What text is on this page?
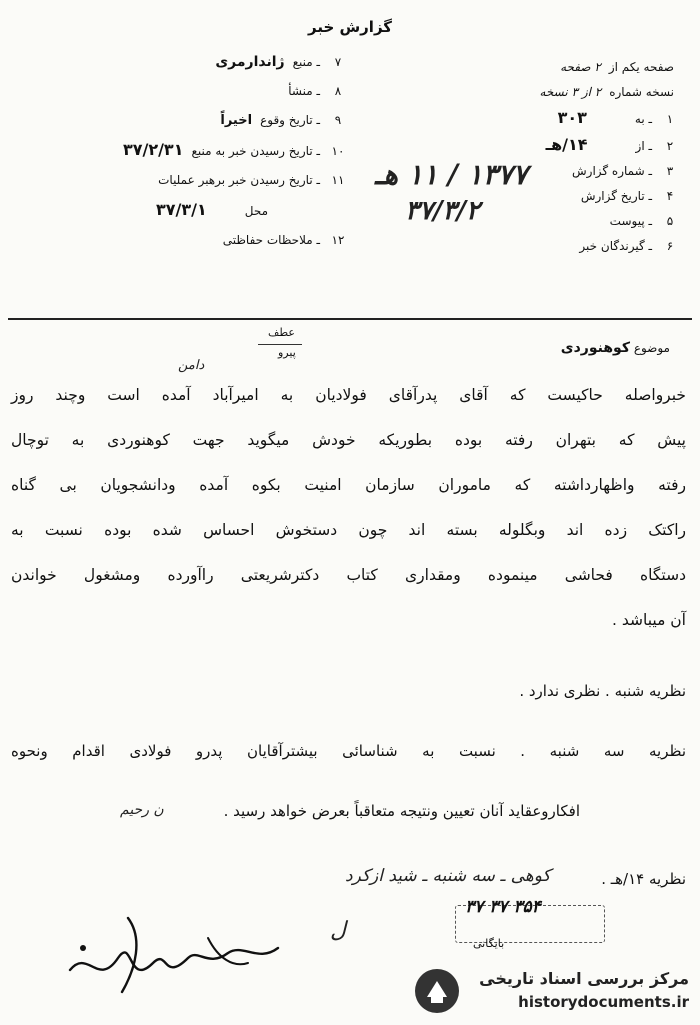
گزارش خبر
صفحه یکم از
۲ صفحه
نسخه شماره
۲ از ۳ نسخه
۱
ـ به
۳۰۳
۲
ـ از
۱۴/هـ
۳
ـ شماره گزارش
۴
ـ تاریخ گزارش
۵
ـ پیوست
۶
ـ گیرندگان خبر
۱۳۷۷ / ۱۱ هـ
۳۷/۳/۲
۷
ـ منبع
ژاندارمری
۸
ـ منشأ
۹
ـ تاریخ وقوع
اخیراً
۱۰
ـ تاریخ رسیدن خبر به منبع
۳۷/۲/۳۱
۱۱
ـ تاریخ رسیدن خبر برهبر عملیات
محل
۳۷/۳/۱
۱۲
ـ ملاحظات حفاظتی
عطف
پیرو	موضوع کوهنوردی
دامن

خبرواصله حاکیست که آقای پدرآقای فولادیان به امیرآباد آمده است وچند روز

پیش که بتهران رفته بوده بطوریکه خودش میگوید جهت کوهنوردی به توچال

رفته واظهارداشته که ماموران سازمان امنیت بکوه آمده ودانشجویان بی گناه

راکتک زده اند وبگلوله بسته اند چون دستخوش احساس شده بوده نسبت به

دستگاه فحاشی مینموده ومقداری کتاب دکترشریعتی راآورده ومشغول خواندن

آن میباشد .

نظریه شنبه . نظری ندارد .
نظریه سه شنبه . نسبت به شناسائی بیشترآقایان پدرو فولادی اقدام ونحوه
افکاروعقاید آنان تعیین ونتیجه متعاقباً بعرض خواهد رسید .
ن رحیم
نظریه ۱۴/هـ .
کوهی ـ سه شنبه ـ شید ازکرد
۳۷ ۳۷ ۳۵۴
بایگانی
ل
مرکز بررسی اسناد تاریخی
historydocuments.ir
